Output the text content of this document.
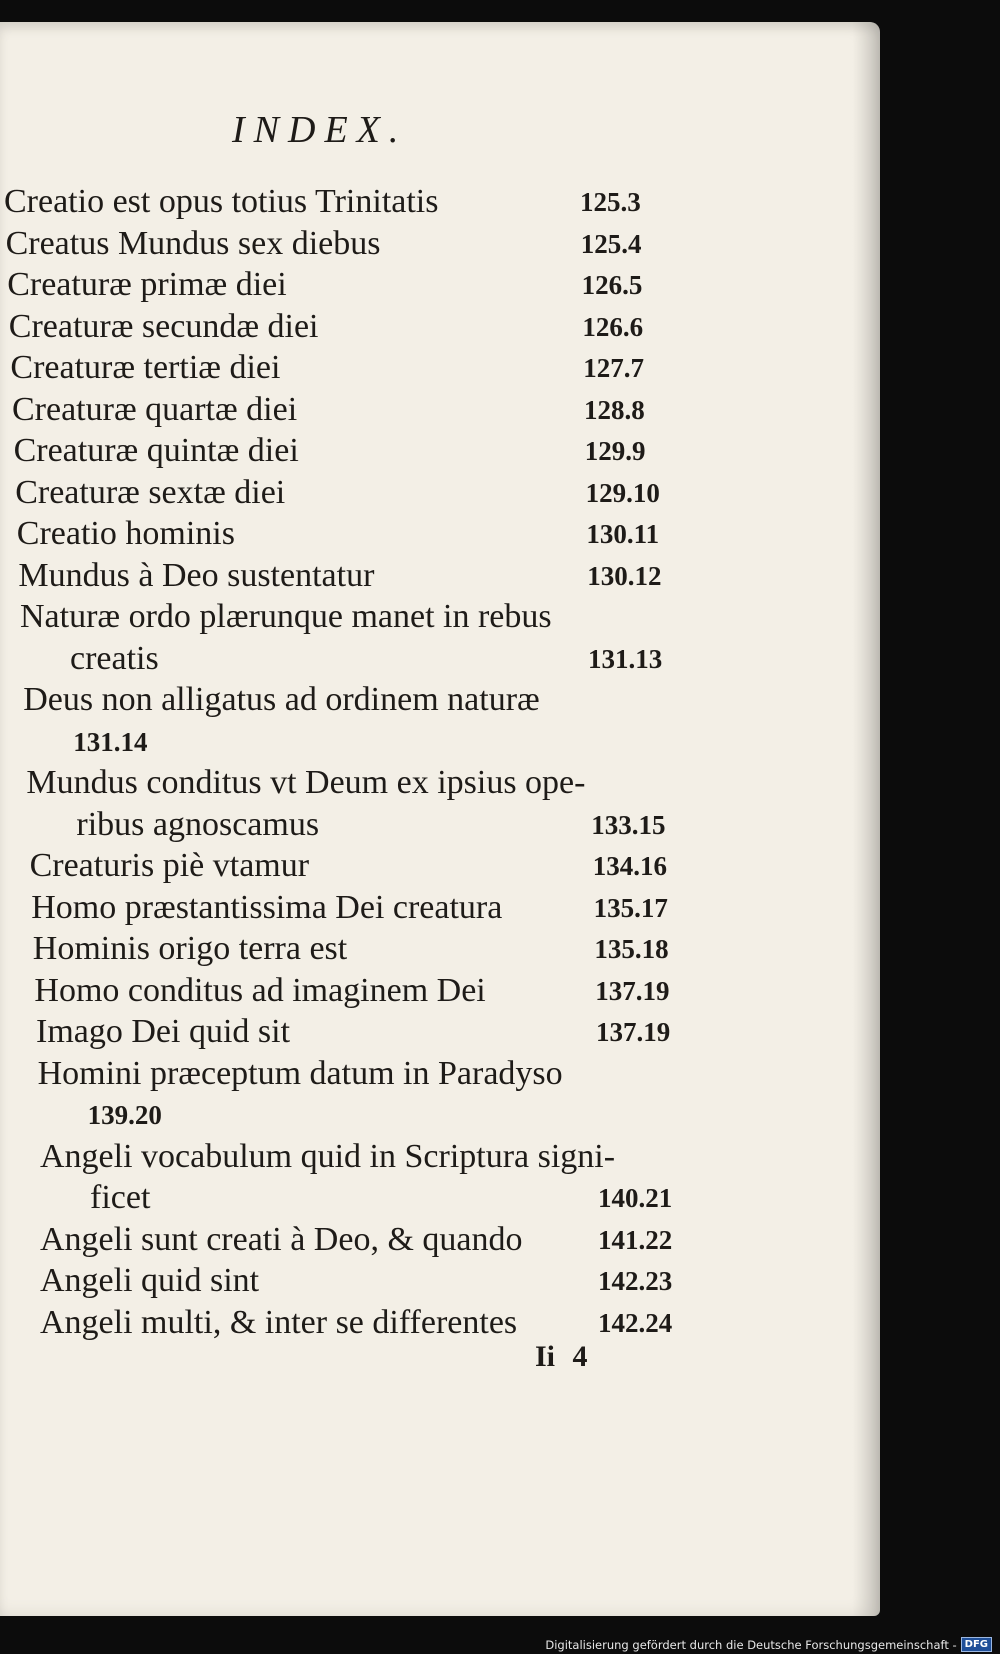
INDEX.
Creatio est opus totius Trinitatis	125.3
Creatus Mundus sex diebus	125.4
Creaturæ primæ diei	126.5
Creaturæ secundæ diei	126.6
Creaturæ tertiæ diei	127.7
Creaturæ quartæ diei	128.8
Creaturæ quintæ diei	129.9
Creaturæ sextæ diei	129.10
Creatio hominis	130.11
Mundus à Deo sustentatur	130.12
Naturæ ordo plærunque manet in rebus
creatis	131.13
Deus non alligatus ad ordinem naturæ
131.14
Mundus conditus vt Deum ex ipsius ope-
ribus agnoscamus	133.15
Creaturis piè vtamur	134.16
Homo præstantissima Dei creatura	135.17
Hominis origo terra est	135.18
Homo conditus ad imaginem Dei	137.19
Imago Dei quid sit	137.19
Homini præceptum datum in Paradyso
139.20
Angeli vocabulum quid in Scriptura signi-
ficet	140.21
Angeli sunt creati à Deo, & quando	141.22
Angeli quid sint	142.23
Angeli multi, & inter se differentes	142.24
Ii 4
Digitalisierung gefördert durch die Deutsche Forschungsgemeinschaft - DFG
